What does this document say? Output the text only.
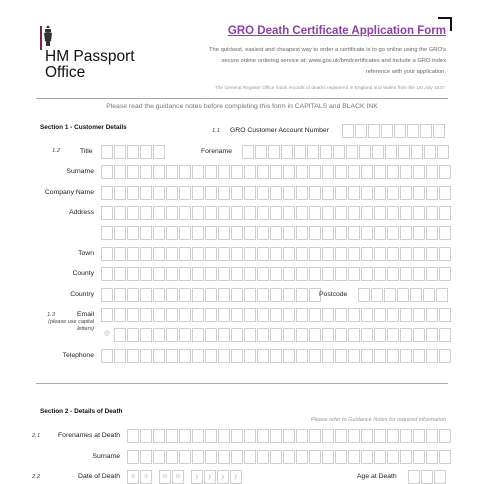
HM Passport
Office
GRO Death Certificate Application Form
The quickest, easiest and cheapest way to order a certificate is to go online using the GRO's secure online ordering service at: www.gov.uk/bmdcertificates and include a GRO index reference with your application.
The General Register Office holds records of deaths registered in England and Wales from the 1st July 1837.
Please read the guidance notes before completing this form in CAPITALS and BLACK INK
Section 1 - Customer Details	1.1 GRO Customer Account Number
1.2	Title	Forename
Surname
Company Name
Address
Town
County
Country	Postcode
1.3	Email
(please use capital letters)
@
Telephone
Section 2 - Details of Death
Please refer to Guidance Notes for required information
2.1	Forenames at Death
Surname
2.2	Date of Death	d	d	m	m	y	y	y	y	Age at Death
